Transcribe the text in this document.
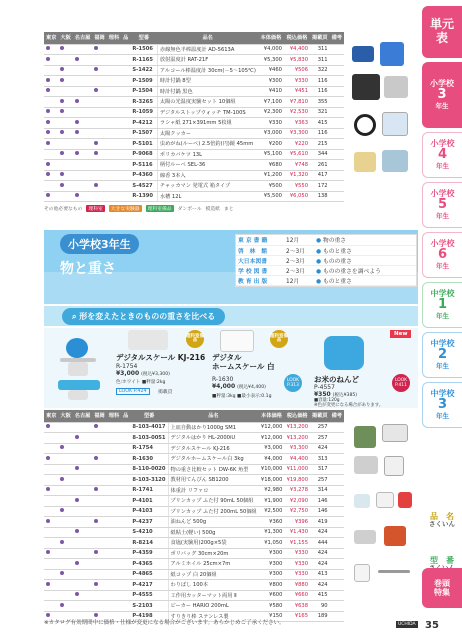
単元
表
小学校
3
年生
小学校
4
年生
小学校
5
年生
小学校
6
年生
中学校
1
年生
中学校
2
年生
中学校
3
年生
品　名
さくいん
型　番
巻頭
特集
東京	大阪	名古屋	福岡	理科	品	型番	品名	本体価格	税込価格	掲載頁	備考
						R-1506	赤線無色半棒温度計 AD-5613A	¥4,000	¥4,400	311	
						R-1165	放射温度計 RAT-21F	¥5,300	¥5,830	311	
						S-1422	アルコール棒温度計 30cm(－5〜105℃)	¥460	¥506	322	
						P-1509	時計付鍋 8型	¥300	¥330	116	
						P-1504	時計付鍋 黒色	¥410	¥451	116	
						R-3265	太陽の光温度実験セット 10個組	¥7,100	¥7,810	355	
						R-1059	デジタルストップウォッチ TM-100S	¥2,300	¥2,530	321	
						P-4212	ラシャ紙 271×391mm 5枚組	¥330	¥363	415	
						P-1507	太陽クッカー	¥3,000	¥3,300	116	
						P-5101	虫めがね(ルーペ) 2.5倍釣(円)鏡 45mm	¥200	¥220	215	
						P-9068	ポリカバケツ 13L	¥5,100	¥5,610	344	
						P-5116	柄付ルーペ SEL-36	¥680	¥748	261	
						P-4360	線香 3本入	¥1,200	¥1,320	417	
						S-4527	チャッカマン 発電式 箱タイプ	¥500	¥550	172	
						R-1390	水槽 12L	¥5,500	¥6,050	138	
その他必要なもの	理科室	大きな実験器	理科室備品	ダンボール 模造紙 まと
小学校3年生
物と重さ
東 京 書 籍	12月	● 物の重さ
啓　林　館	2〜3月	● ものと重さ
大日本図書	2〜3月	● ものの重さ
学 校 図 書	2〜3月	● ものの重さを調べよう
教 育 出 版	12月	● ものと重さ
⌕ 形を変えたときのものの重さを比べる
理科室備品
デジタルスケール KJ-216
R-1754
¥3,000 (税込¥3,300)
色:ホワイト ■秤量:2kg
LOOK P.424	掲載頁
理科室備品
デジタル
ホームスケール 白
R-1630
¥4,000 (税込¥4,400)
■秤量:3kg ■最小表示:0.1g
LOOK P.313
New
お米のねんど
P-4557
¥350 (税込¥385)
■容量:120g
※色が変更になる場合があります。
LOOK P.411
東京	大阪	名古屋	福岡	理科	品	型番	品名	本体価格	税込価格	掲載頁	備考
						8-103-4017	上皿自動はかり1000g SM1	¥12,000	¥13,200	257	
						8-103-0051	デジタルはかり HL-2000iU	¥12,000	¥13,200	257	
						R-1754	デジタルスケール KJ-216	¥3,000	¥3,300	424	
						R-1630	デジタルホームスケール白 3kg	¥4,000	¥4,400	313	
						8-110-0020	物の重さ比較セット DW-6K 角型	¥10,000	¥11,000	317	
						8-103-3120	教材用てんびん SB1200	¥18,000	¥19,800	257	
						R-1741	体重計 リファロ	¥2,980	¥3,278	314	
						P-4101	プリンカップ ふた付 90mL 50個組	¥1,900	¥2,090	146	
						P-4103	プリンカップ ふた付 200mL 50個組	¥2,500	¥2,750	146	
						P-4237	油ねんど 500g	¥360	¥396	419	
						S-4210	紙粘土(軽い) 500g	¥1,300	¥1,430	424	
						R-8214	食塩(実験用)200g×5袋	¥1,050	¥1,155	444	
						P-4359	ポリバッグ 30cm×20m	¥300	¥330	424	
						P-4365	アルミホイル 25cm×7m	¥300	¥330	424	
						P-4865	紙コップ 白 20個組	¥300	¥330	413	
						P-4217	わりばし 100本	¥800	¥880	424	
						P-4555	工作用カッターマット両用 Ⅱ	¥600	¥660	415	
						S-2103	ビーカー HARIO 200mL	¥580	¥638	90	
						P-4198	すりきり棒 ステンレス製	¥150	¥165	189	
※カタログ有効期間中に価格・仕様が変更になる場合がございます。あらかじめご了承ください。	UCHIDA 35
